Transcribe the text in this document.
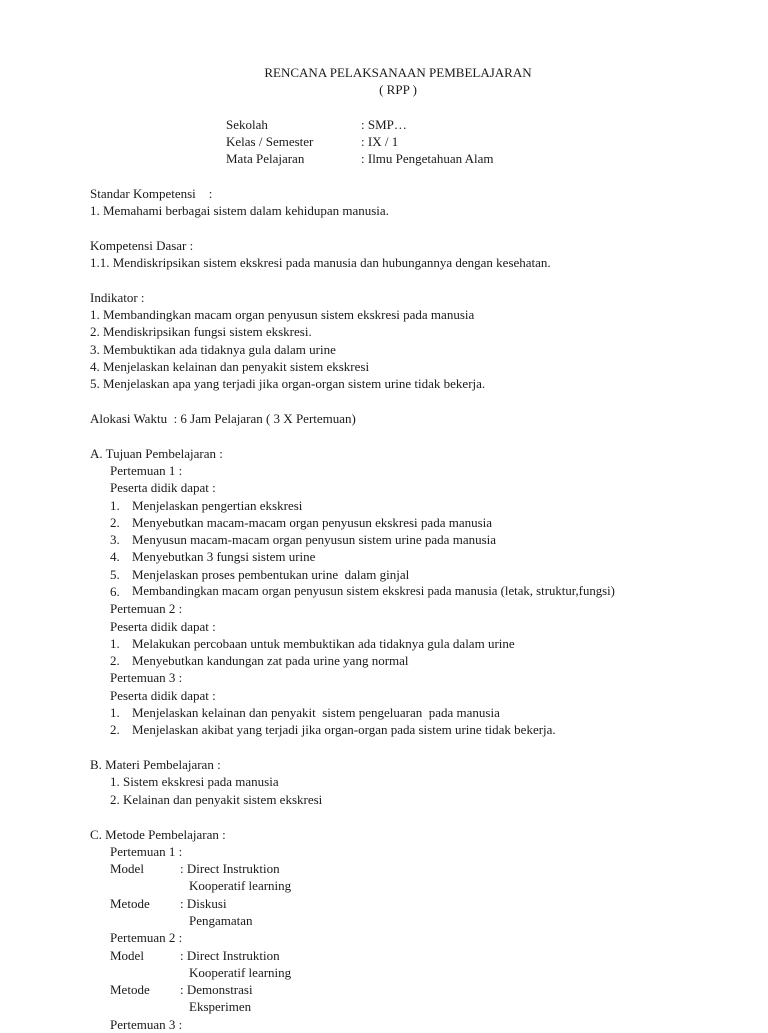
RENCANA PELAKSANAAN PEMBELAJARAN
( RPP )
Sekolah	: SMP…
Kelas / Semester	: IX / 1
Mata Pelajaran	: Ilmu Pengetahuan Alam
Standar Kompetensi    :
1. Memahami berbagai sistem dalam kehidupan manusia.
Kompetensi Dasar :
1.1. Mendiskripsikan sistem ekskresi pada manusia dan hubungannya dengan kesehatan.
Indikator :
1. Membandingkan macam organ penyusun sistem ekskresi pada manusia
2. Mendiskripsikan fungsi sistem ekskresi.
3. Membuktikan ada tidaknya gula dalam urine
4. Menjelaskan kelainan dan penyakit sistem ekskresi
5. Menjelaskan apa yang terjadi jika organ-organ sistem urine tidak bekerja.
Alokasi Waktu  : 6 Jam Pelajaran ( 3 X Pertemuan)
A. Tujuan Pembelajaran :
Pertemuan 1 :
Peserta didik dapat :
1. Menjelaskan pengertian ekskresi
2. Menyebutkan macam-macam organ penyusun ekskresi pada manusia
3. Menyusun macam-macam organ penyusun sistem urine pada manusia
4. Menyebutkan 3 fungsi sistem urine
5. Menjelaskan proses pembentukan urine  dalam ginjal
6. Membandingkan macam organ penyusun sistem ekskresi pada manusia (letak, struktur,fungsi)
Pertemuan 2 :
Peserta didik dapat :
1. Melakukan percobaan untuk membuktikan ada tidaknya gula dalam urine
2. Menyebutkan kandungan zat pada urine yang normal
Pertemuan 3 :
Peserta didik dapat :
1. Menjelaskan kelainan dan penyakit  sistem pengeluaran  pada manusia
2. Menjelaskan akibat yang terjadi jika organ-organ pada sistem urine tidak bekerja.
B. Materi Pembelajaran :
1. Sistem ekskresi pada manusia
2. Kelainan dan penyakit sistem ekskresi
C. Metode Pembelajaran :
Pertemuan 1 :
Model	: Direct Instruktion
Kooperatif learning
Metode : Diskusi
Pengamatan
Pertemuan 2 :
Model	: Direct Instruktion
Kooperatif learning
Metode : Demonstrasi
Eksperimen
Pertemuan 3 :
